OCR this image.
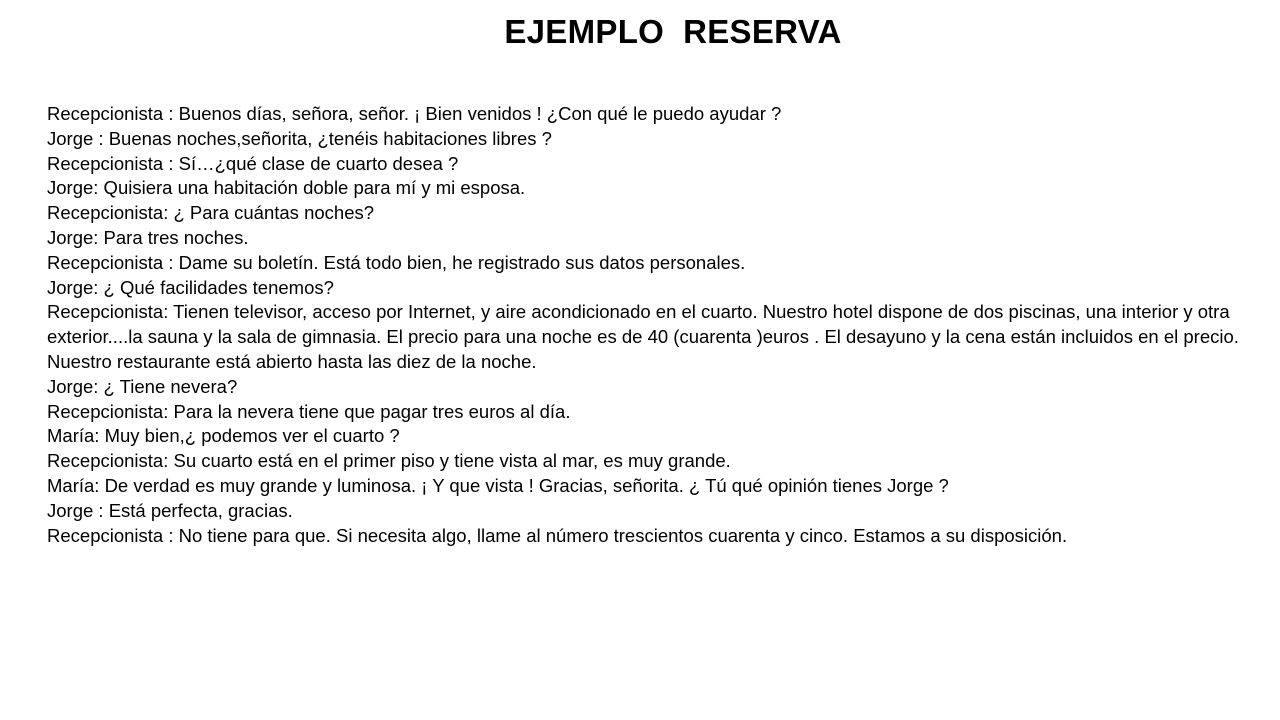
EJEMPLO  RESERVA
Recepcionista : Buenos días, señora, señor. ¡ Bien venidos ! ¿Con qué le puedo ayudar ?
Jorge : Buenas noches,señorita, ¿tenéis habitaciones libres ?
Recepcionista : Sí…¿qué clase de cuarto desea ?
Jorge: Quisiera una habitación doble para mí y mi esposa.
Recepcionista: ¿ Para cuántas noches?
Jorge: Para tres noches.
Recepcionista : Dame su boletín. Está todo bien, he registrado sus datos personales.
Jorge: ¿ Qué facilidades tenemos?
Recepcionista: Tienen televisor, acceso por Internet, y aire acondicionado en el cuarto. Nuestro hotel dispone de dos piscinas, una interior y otra exterior....la sauna y la sala de gimnasia. El precio para una noche es de 40 (cuarenta )euros . El desayuno y la cena están incluidos en el precio. Nuestro restaurante está abierto hasta las diez de la noche.
Jorge: ¿ Tiene nevera?
Recepcionista: Para la nevera tiene que pagar tres euros al día.
María: Muy bien,¿ podemos ver el cuarto ?
Recepcionista: Su cuarto está en el primer piso y tiene vista al mar, es muy grande.
María: De verdad es muy grande y luminosa. ¡ Y que vista ! Gracias, señorita. ¿ Tú qué opinión tienes Jorge ?
Jorge : Está perfecta, gracias.
Recepcionista : No tiene para que. Si necesita algo, llame al número trescientos cuarenta y cinco. Estamos a su disposición.
